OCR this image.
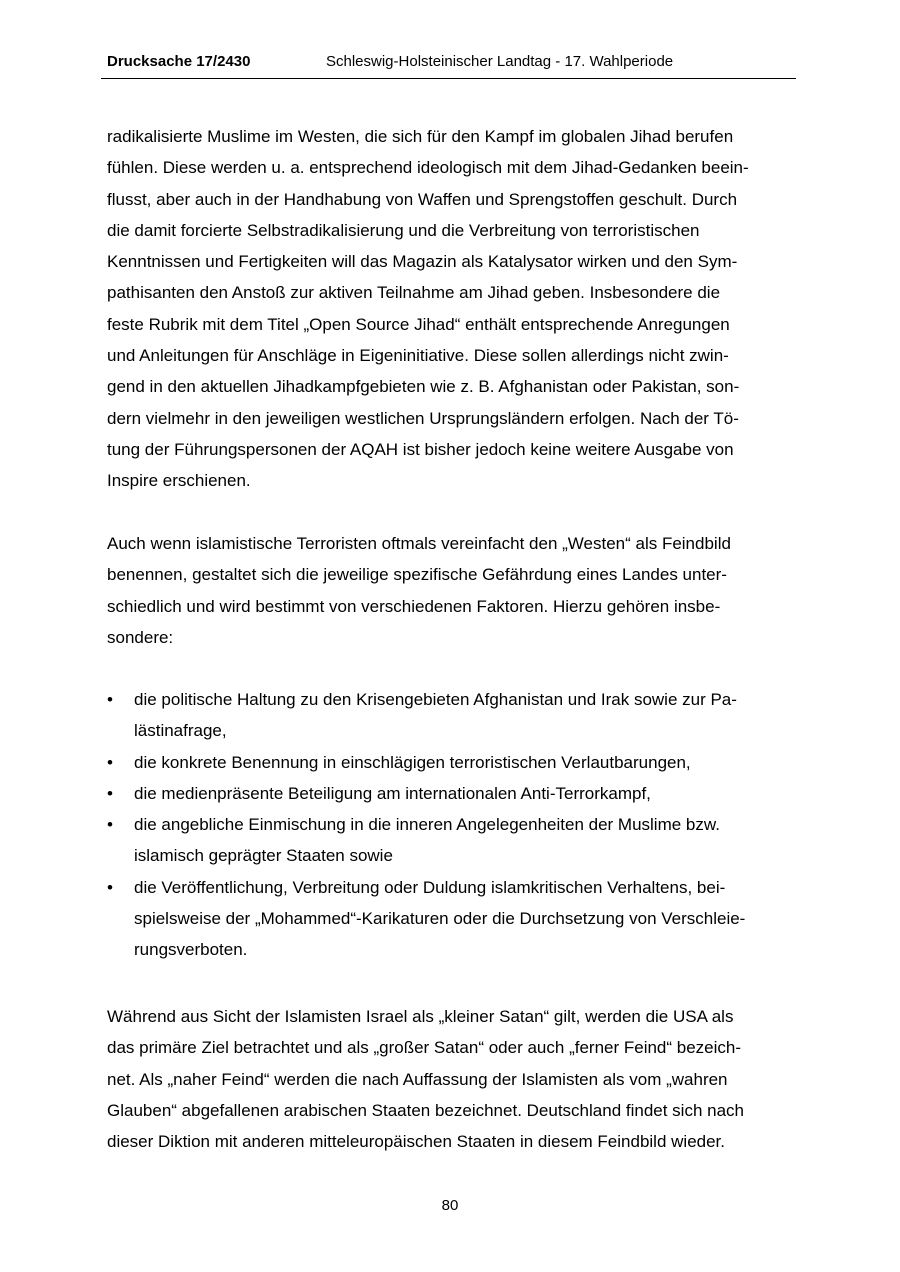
Drucksache 17/2430	Schleswig-Holsteinischer Landtag - 17. Wahlperiode

radikalisierte Muslime im Westen, die sich für den Kampf im globalen Jihad berufen
fühlen. Diese werden u. a. entsprechend ideologisch mit dem Jihad-Gedanken beein-
flusst, aber auch in der Handhabung von Waffen und Sprengstoffen geschult. Durch
die damit forcierte Selbstradikalisierung und die Verbreitung von terroristischen
Kenntnissen und Fertigkeiten will das Magazin als Katalysator wirken und den Sym-
pathisanten den Anstoß zur aktiven Teilnahme am Jihad geben. Insbesondere die
feste Rubrik mit dem Titel „Open Source Jihad“ enthält entsprechende Anregungen
und Anleitungen für Anschläge in Eigeninitiative. Diese sollen allerdings nicht zwin-
gend in den aktuellen Jihadkampfgebieten wie z. B. Afghanistan oder Pakistan, son-
dern vielmehr in den jeweiligen westlichen Ursprungsländern erfolgen. Nach der Tö-
tung der Führungspersonen der AQAH ist bisher jedoch keine weitere Ausgabe von
Inspire erschienen.

Auch wenn islamistische Terroristen oftmals vereinfacht den „Westen“ als Feindbild
benennen, gestaltet sich die jeweilige spezifische Gefährdung eines Landes unter-
schiedlich und wird bestimmt von verschiedenen Faktoren. Hierzu gehören insbe-
sondere:

• die politische Haltung zu den Krisengebieten Afghanistan und Irak sowie zur Pa-
lästinafrage,
• die konkrete Benennung in einschlägigen terroristischen Verlautbarungen,
• die medienpräsente Beteiligung am internationalen Anti-Terrorkampf,
• die angebliche Einmischung in die inneren Angelegenheiten der Muslime bzw.
islamisch geprägter Staaten sowie
• die Veröffentlichung, Verbreitung oder Duldung islamkritischen Verhaltens, bei-
spielsweise der „Mohammed“-Karikaturen oder die Durchsetzung von Verschleie-
rungsverboten.

Während aus Sicht der Islamisten Israel als „kleiner Satan“ gilt, werden die USA als
das primäre Ziel betrachtet und als „großer Satan“ oder auch „ferner Feind“ bezeich-
net. Als „naher Feind“ werden die nach Auffassung der Islamisten als vom „wahren
Glauben“ abgefallenen arabischen Staaten bezeichnet. Deutschland findet sich nach
dieser Diktion mit anderen mitteleuropäischen Staaten in diesem Feindbild wieder.

80
